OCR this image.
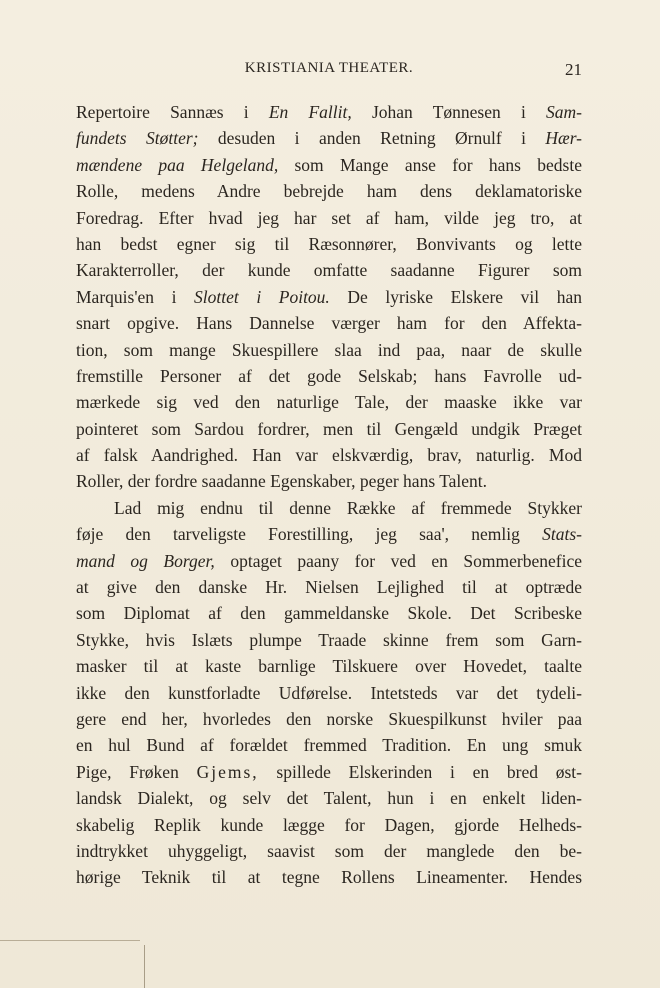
KRISTIANIA THEATER.	21
Repertoire Sannæs i En Fallit, Johan Tønnesen i Sam-
fundets Støtter; desuden i anden Retning Ørnulf i Hær-
mændene paa Helgeland, som Mange anse for hans bedste
Rolle, medens Andre bebrejde ham dens deklamatoriske
Foredrag. Efter hvad jeg har set af ham, vilde jeg tro, at
han bedst egner sig til Ræsonnører, Bonvivants og lette
Karakterroller, der kunde omfatte saadanne Figurer som
Marquis'en i Slottet i Poitou. De lyriske Elskere vil han
snart opgive. Hans Dannelse værger ham for den Affekta-
tion, som mange Skuespillere slaa ind paa, naar de skulle
fremstille Personer af det gode Selskab; hans Favrolle ud-
mærkede sig ved den naturlige Tale, der maaske ikke var
pointeret som Sardou fordrer, men til Gengæld undgik Præget
af falsk Aandrighed. Han var elskværdig, brav, naturlig. Mod
Roller, der fordre saadanne Egenskaber, peger hans Talent.
Lad mig endnu til denne Række af fremmede Stykker
føje den tarveligste Forestilling, jeg saa', nemlig Stats-
mand og Borger, optaget paany for ved en Sommerbenefice
at give den danske Hr. Nielsen Lejlighed til at optræde
som Diplomat af den gammeldanske Skole. Det Scribeske
Stykke, hvis Islæts plumpe Traade skinne frem som Garn-
masker til at kaste barnlige Tilskuere over Hovedet, taalte
ikke den kunstforladte Udførelse. Intetsteds var det tydeli-
gere end her, hvorledes den norske Skuespilkunst hviler paa
en hul Bund af forældet fremmed Tradition. En ung smuk
Pige, Frøken Gjems, spillede Elskerinden i en bred øst-
landsk Dialekt, og selv det Talent, hun i en enkelt liden-
skabelig Replik kunde lægge for Dagen, gjorde Helheds-
indtrykket uhyggeligt, saavist som der manglede den be-
hørige Teknik til at tegne Rollens Lineamenter. Hendes
